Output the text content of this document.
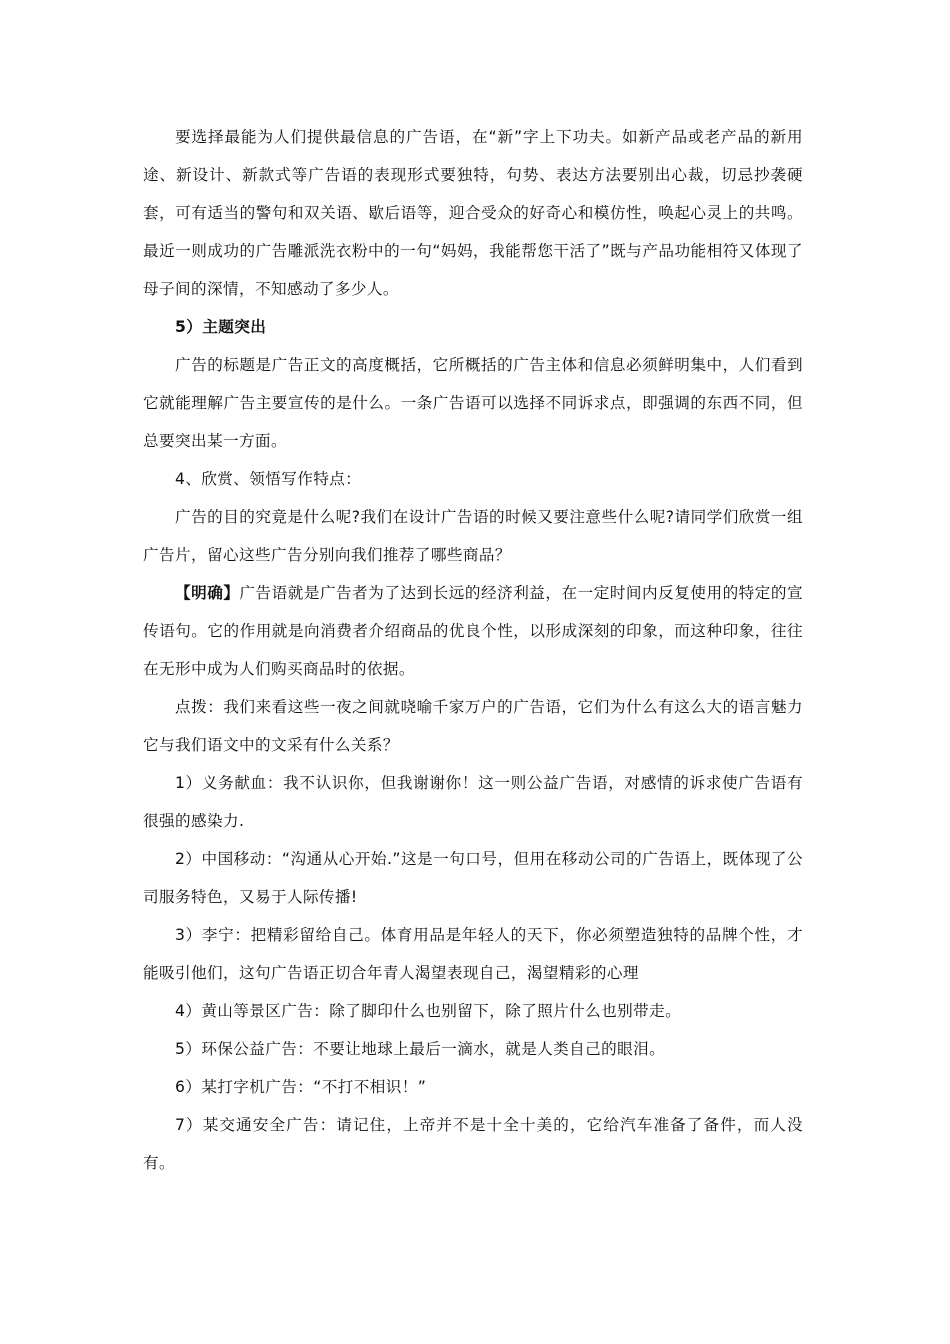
要选择最能为人们提供最信息的广告语，在“新”字上下功夫。如新产品或老产品的新用途、新设计、新款式等广告语的表现形式要独特，句势、表达方法要别出心裁，切忌抄袭硬套，可有适当的警句和双关语、歇后语等，迎合受众的好奇心和模仿性，唤起心灵上的共鸣。最近一则成功的广告雕派洗衣粉中的一句“妈妈，我能帮您干活了”既与产品功能相符又体现了母子间的深情，不知感动了多少人。

5）主题突出

广告的标题是广告正文的高度概括，它所概括的广告主体和信息必须鲜明集中，人们看到它就能理解广告主要宣传的是什么。一条广告语可以选择不同诉求点，即强调的东西不同，但总要突出某一方面。

4、欣赏、领悟写作特点：

广告的目的究竟是什么呢?我们在设计广告语的时候又要注意些什么呢?请同学们欣赏一组广告片，留心这些广告分别向我们推荐了哪些商品？

【明确】广告语就是广告者为了达到长远的经济利益，在一定时间内反复使用的特定的宣传语句。它的作用就是向消费者介绍商品的优良个性，以形成深刻的印象，而这种印象，往往在无形中成为人们购买商品时的依据。

点拨：我们来看这些一夜之间就哓喻千家万户的广告语，它们为什么有这么大的语言魅力它与我们语文中的文采有什么关系？

1）义务献血：我不认识你，但我谢谢你！这一则公益广告语，对感情的诉求使广告语有很强的感染力.

2）中国移动：“沟通从心开始.”这是一句口号，但用在移动公司的广告语上，既体现了公司服务特色，又易于人际传播!

3）李宁：把精彩留给自己。体育用品是年轻人的天下，你必须塑造独特的品牌个性，才能吸引他们，这句广告语正切合年青人渴望表现自己，渴望精彩的心理

4）黄山等景区广告：除了脚印什么也别留下，除了照片什么也别带走。

5）环保公益广告：不要让地球上最后一滴水，就是人类自己的眼泪。

6）某打字机广告：“不打不相识！”

7）某交通安全广告：请记住，上帝并不是十全十美的，它给汽车准备了备件，而人没有。
